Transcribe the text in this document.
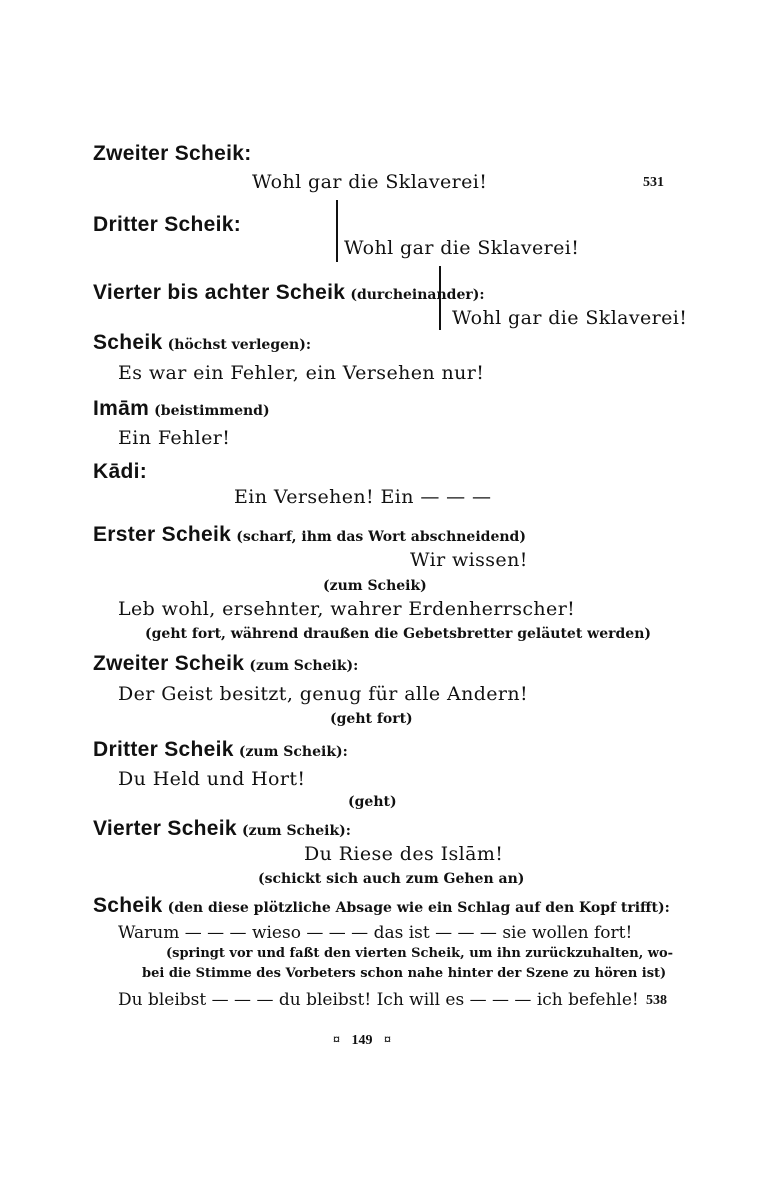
Zweiter Scheik:
Wohl gar die Sklaverei!	531
Dritter Scheik:
Wohl gar die Sklaverei!
Vierter bis achter Scheik (durcheinander):
Wohl gar die Sklaverei!
Scheik (höchst verlegen):
Es war ein Fehler, ein Versehen nur!
Imām (beistimmend)
Ein Fehler!
Kādi:
Ein Versehen! Ein — — —
Erster Scheik (scharf, ihm das Wort abschneidend)
Wir wissen!
(zum Scheik)
Leb wohl, ersehnter, wahrer Erdenherrscher!
(geht fort, während draußen die Gebetsbretter geläutet werden)
Zweiter Scheik (zum Scheik):
Der Geist besitzt, genug für alle Andern!
(geht fort)
Dritter Scheik (zum Scheik):
Du Held und Hort!
(geht)
Vierter Scheik (zum Scheik):
Du Riese des Islām!
(schickt sich auch zum Gehen an)
Scheik (den diese plötzliche Absage wie ein Schlag auf den Kopf trifft):
Warum — — — wieso — — — das ist — — — sie wollen fort!
(springt vor und faßt den vierten Scheik, um ihn zurückzuhalten, wo-
bei die Stimme des Vorbeters schon nahe hinter der Szene zu hören ist)
Du bleibst — — — du bleibst! Ich will es — — — ich befehle! 538
¤ 149 ¤
